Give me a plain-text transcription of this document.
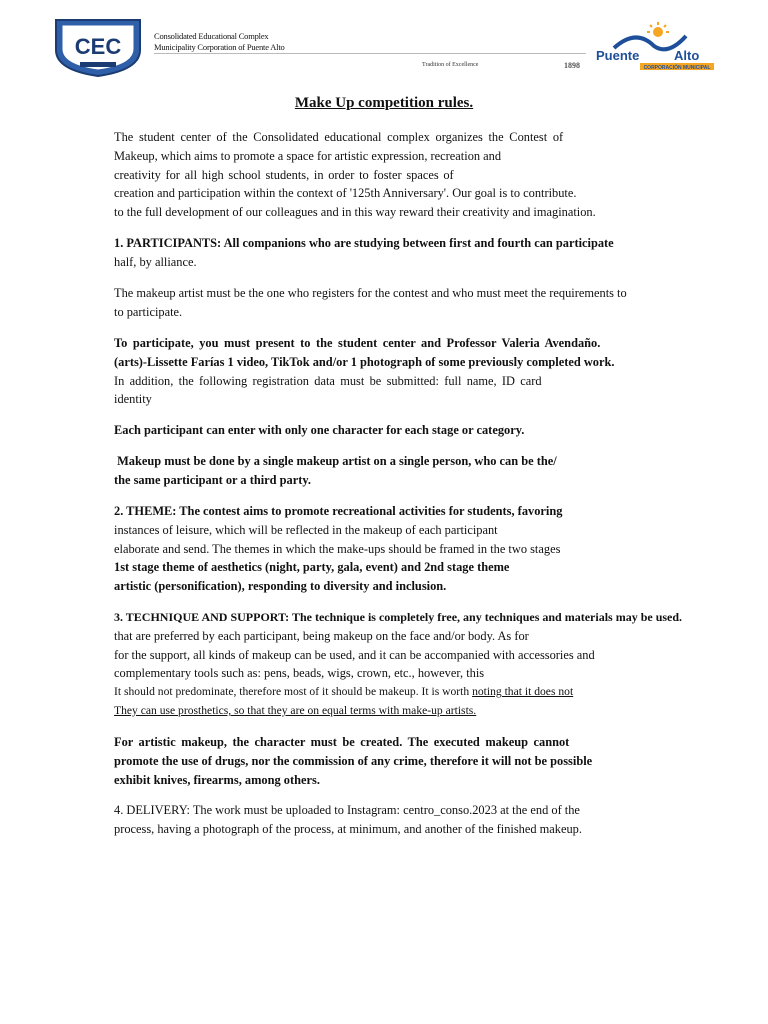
CEC	Consolidated Educational Complex
Municipality Corporation of Puente Alto
Tradition of Excellence	1898
Puente	Alto
CORPORACIÓN MUNICIPAL
Make Up competition rules.
The student center of the Consolidated educational complex organizes the Contest of
Makeup, which aims to promote a space for artistic expression, recreation and
creativity for all high school students, in order to foster spaces of
creation and participation within the context of '125th Anniversary'. Our goal is to contribute.
to the full development of our colleagues and in this way reward their creativity and imagination.
1. PARTICIPANTS: All companions who are studying between first and fourth can participate
half, by alliance.
The makeup artist must be the one who registers for the contest and who must meet the requirements to
to participate.
To participate, you must present to the student center and Professor Valeria Avendaño.
(arts)-Lissette Farías 1 video, TikTok and/or 1 photograph of some previously completed work.
In addition, the following registration data must be submitted: full name, ID card
identity
Each participant can enter with only one character for each stage or category.
Makeup must be done by a single makeup artist on a single person, who can be the/
the same participant or a third party.
2. THEME: The contest aims to promote recreational activities for students, favoring
instances of leisure, which will be reflected in the makeup of each participant
elaborate and send. The themes in which the make-ups should be framed in the two stages
1st stage theme of aesthetics (night, party, gala, event) and 2nd stage theme
artistic (personification), responding to diversity and inclusion.
3. TECHNIQUE AND SUPPORT: The technique is completely free, any techniques and materials may be used.
that are preferred by each participant, being makeup on the face and/or body. As for
for the support, all kinds of makeup can be used, and it can be accompanied with accessories and
complementary tools such as: pens, beads, wigs, crown, etc., however, this
It should not predominate, therefore most of it should be makeup. It is worth noting that it does not
They can use prosthetics, so that they are on equal terms with make-up artists.
For artistic makeup, the character must be created. The executed makeup cannot
promote the use of drugs, nor the commission of any crime, therefore it will not be possible
exhibit knives, firearms, among others.
4. DELIVERY: The work must be uploaded to Instagram: centro_conso.2023 at the end of the
process, having a photograph of the process, at minimum, and another of the finished makeup.
